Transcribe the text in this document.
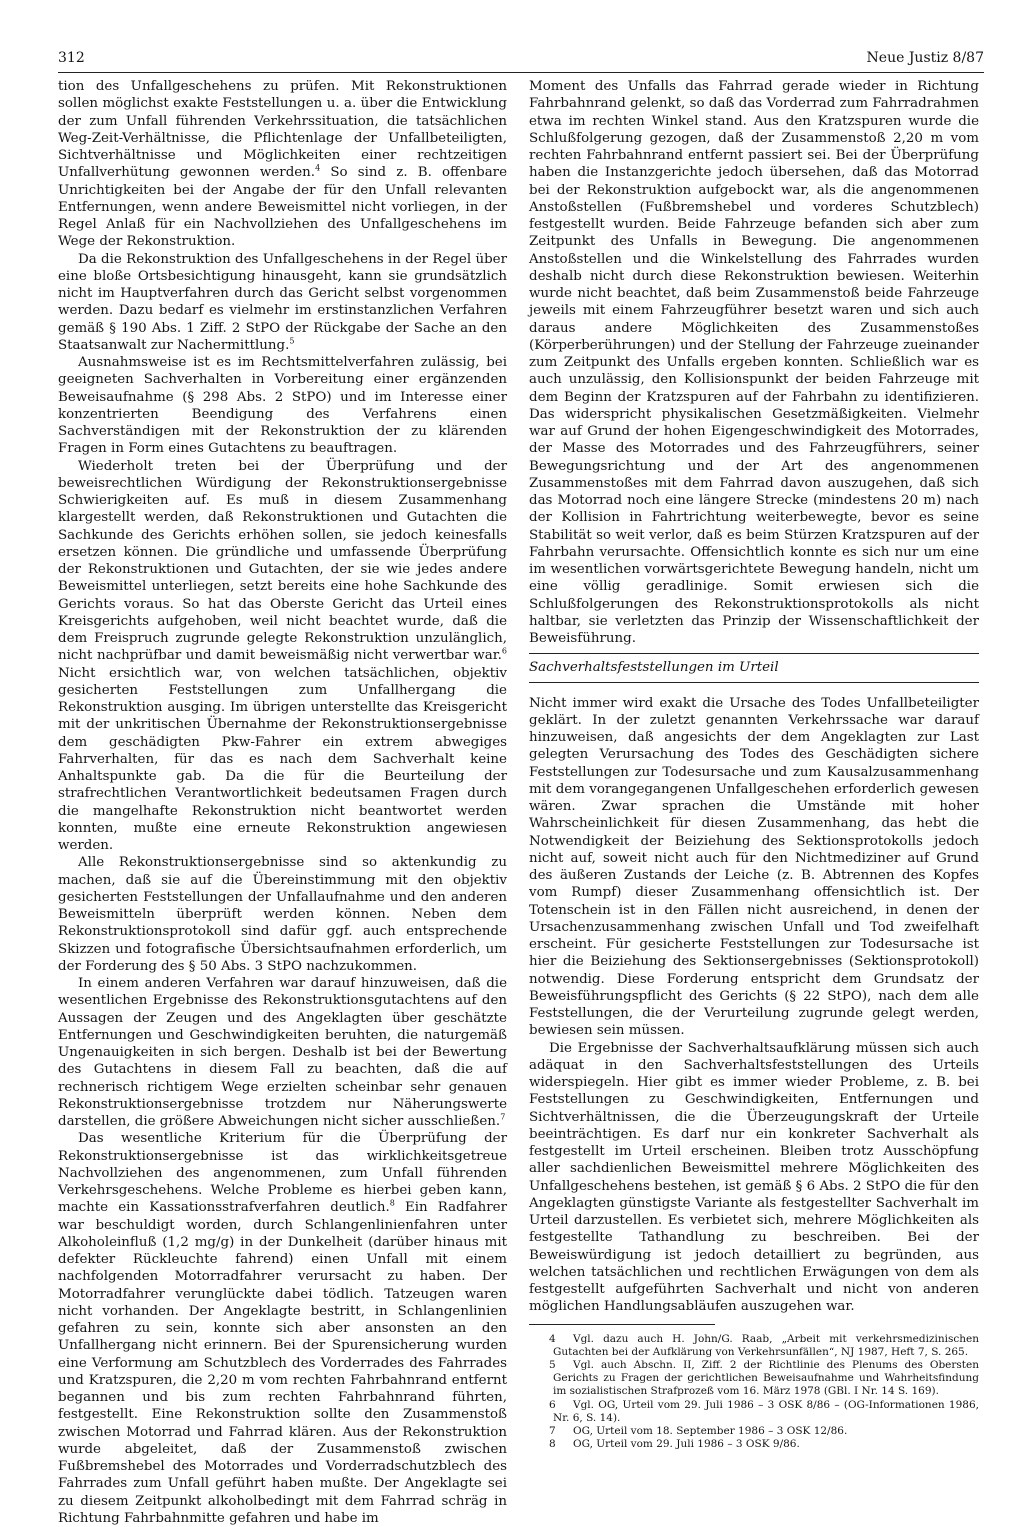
312	Neue Justiz 8/87

tion des Unfallgeschehens zu prüfen. Mit Rekonstruktionen sollen möglichst exakte Feststellungen u. a. über die Entwicklung der zum Unfall führenden Verkehrssituation, die tatsächlichen Weg-Zeit-Verhältnisse, die Pflichtenlage der Unfallbeteiligten, Sichtverhältnisse und Möglichkeiten einer rechtzeitigen Unfallverhütung gewonnen werden.$^4$ So sind z. B. offenbare Unrichtigkeiten bei der Angabe der für den Unfall relevanten Entfernungen, wenn andere Beweismittel nicht vorliegen, in der Regel Anlaß für ein Nachvollziehen des Unfallgeschehens im Wege der Rekonstruktion.

Da die Rekonstruktion des Unfallgeschehens in der Regel über eine bloße Ortsbesichtigung hinausgeht, kann sie grundsätzlich nicht im Hauptverfahren durch das Gericht selbst vorgenommen werden. Dazu bedarf es vielmehr im erstinstanzlichen Verfahren gemäß § 190 Abs. 1 Ziff. 2 StPO der Rückgabe der Sache an den Staatsanwalt zur Nachermittlung.$^5$

Ausnahmsweise ist es im Rechtsmittelverfahren zulässig, bei geeigneten Sachverhalten in Vorbereitung einer ergänzenden Beweisaufnahme (§ 298 Abs. 2 StPO) und im Interesse einer konzentrierten Beendigung des Verfahrens einen Sachverständigen mit der Rekonstruktion der zu klärenden Fragen in Form eines Gutachtens zu beauftragen.

Wiederholt treten bei der Überprüfung und der beweisrechtlichen Würdigung der Rekonstruktionsergebnisse Schwierigkeiten auf. Es muß in diesem Zusammenhang klargestellt werden, daß Rekonstruktionen und Gutachten die Sachkunde des Gerichts erhöhen sollen, sie jedoch keinesfalls ersetzen können. Die gründliche und umfassende Überprüfung der Rekonstruktionen und Gutachten, der sie wie jedes andere Beweismittel unterliegen, setzt bereits eine hohe Sachkunde des Gerichts voraus. So hat das Oberste Gericht das Urteil eines Kreisgerichts aufgehoben, weil nicht beachtet wurde, daß die dem Freispruch zugrunde gelegte Rekonstruktion unzulänglich, nicht nachprüfbar und damit beweismäßig nicht verwertbar war.$^6$ Nicht ersichtlich war, von welchen tatsächlichen, objektiv gesicherten Feststellungen zum Unfallhergang die Rekonstruktion ausging. Im übrigen unterstellte das Kreisgericht mit der unkritischen Übernahme der Rekonstruktionsergebnisse dem geschädigten Pkw-Fahrer ein extrem abwegiges Fahrverhalten, für das es nach dem Sachverhalt keine Anhaltspunkte gab. Da die für die Beurteilung der strafrechtlichen Verantwortlichkeit bedeutsamen Fragen durch die mangelhafte Rekonstruktion nicht beantwortet werden konnten, mußte eine erneute Rekonstruktion angewiesen werden.

Alle Rekonstruktionsergebnisse sind so aktenkundig zu machen, daß sie auf die Übereinstimmung mit den objektiv gesicherten Feststellungen der Unfallaufnahme und den anderen Beweismitteln überprüft werden können. Neben dem Rekonstruktionsprotokoll sind dafür ggf. auch entsprechende Skizzen und fotografische Übersichtsaufnahmen erforderlich, um der Forderung des § 50 Abs. 3 StPO nachzukommen.

In einem anderen Verfahren war darauf hinzuweisen, daß die wesentlichen Ergebnisse des Rekonstruktionsgutachtens auf den Aussagen der Zeugen und des Angeklagten über geschätzte Entfernungen und Geschwindigkeiten beruhten, die naturgemäß Ungenauigkeiten in sich bergen. Deshalb ist bei der Bewertung des Gutachtens in diesem Fall zu beachten, daß die auf rechnerisch richtigem Wege erzielten scheinbar sehr genauen Rekonstruktionsergebnisse trotzdem nur Näherungswerte darstellen, die größere Abweichungen nicht sicher ausschließen.$^7$

Das wesentliche Kriterium für die Überprüfung der Rekonstruktionsergebnisse ist das wirklichkeitsgetreue Nachvollziehen des angenommenen, zum Unfall führenden Verkehrsgeschehens. Welche Probleme es hierbei geben kann, machte ein Kassationsstrafverfahren deutlich.$^8$ Ein Radfahrer war beschuldigt worden, durch Schlangenlinienfahren unter Alkoholeinfluß (1,2 mg/g) in der Dunkelheit (darüber hinaus mit defekter Rückleuchte fahrend) einen Unfall mit einem nachfolgenden Motorradfahrer verursacht zu haben. Der Motorradfahrer verunglückte dabei tödlich. Tatzeugen waren nicht vorhanden. Der Angeklagte bestritt, in Schlangenlinien gefahren zu sein, konnte sich aber ansonsten an den Unfallhergang nicht erinnern. Bei der Spurensicherung wurden eine Verformung am Schutzblech des Vorderrades des Fahrrades und Kratzspuren, die 2,20 m vom rechten Fahrbahnrand entfernt begannen und bis zum rechten Fahrbahnrand führten, festgestellt. Eine Rekonstruktion sollte den Zusammenstoß zwischen Motorrad und Fahrrad klären. Aus der Rekonstruktion wurde abgeleitet, daß der Zusammenstoß zwischen Fußbremshebel des Motorrades und Vorderradschutzblech des Fahrrades zum Unfall geführt haben mußte. Der Angeklagte sei zu diesem Zeitpunkt alkoholbedingt mit dem Fahrrad schräg in Richtung Fahrbahnmitte gefahren und habe im

Moment des Unfalls das Fahrrad gerade wieder in Richtung Fahrbahnrand gelenkt, so daß das Vorderrad zum Fahrradrahmen etwa im rechten Winkel stand. Aus den Kratzspuren wurde die Schlußfolgerung gezogen, daß der Zusammenstoß 2,20 m vom rechten Fahrbahnrand entfernt passiert sei. Bei der Überprüfung haben die Instanzgerichte jedoch übersehen, daß das Motorrad bei der Rekonstruktion aufgebockt war, als die angenommenen Anstoßstellen (Fußbremshebel und vorderes Schutzblech) festgestellt wurden. Beide Fahrzeuge befanden sich aber zum Zeitpunkt des Unfalls in Bewegung. Die angenommenen Anstoßstellen und die Winkelstellung des Fahrrades wurden deshalb nicht durch diese Rekonstruktion bewiesen. Weiterhin wurde nicht beachtet, daß beim Zusammenstoß beide Fahrzeuge jeweils mit einem Fahrzeugführer besetzt waren und sich auch daraus andere Möglichkeiten des Zusammenstoßes (Körperberührungen) und der Stellung der Fahrzeuge zueinander zum Zeitpunkt des Unfalls ergeben konnten. Schließlich war es auch unzulässig, den Kollisionspunkt der beiden Fahrzeuge mit dem Beginn der Kratzspuren auf der Fahrbahn zu identifizieren. Das widerspricht physikalischen Gesetzmäßigkeiten. Vielmehr war auf Grund der hohen Eigengeschwindigkeit des Motorrades, der Masse des Motorrades und des Fahrzeugführers, seiner Bewegungsrichtung und der Art des angenommenen Zusammenstoßes mit dem Fahrrad davon auszugehen, daß sich das Motorrad noch eine längere Strecke (mindestens 20 m) nach der Kollision in Fahrtrichtung weiterbewegte, bevor es seine Stabilität so weit verlor, daß es beim Stürzen Kratzspuren auf der Fahrbahn verursachte. Offensichtlich konnte es sich nur um eine im wesentlichen vorwärtsgerichtete Bewegung handeln, nicht um eine völlig geradlinige. Somit erwiesen sich die Schlußfolgerungen des Rekonstruktionsprotokolls als nicht haltbar, sie verletzten das Prinzip der Wissenschaftlichkeit der Beweisführung.

Sachverhaltsfeststellungen im Urteil

Nicht immer wird exakt die Ursache des Todes Unfallbeteiligter geklärt. In der zuletzt genannten Verkehrssache war darauf hinzuweisen, daß angesichts der dem Angeklagten zur Last gelegten Verursachung des Todes des Geschädigten sichere Feststellungen zur Todesursache und zum Kausalzusammenhang mit dem vorangegangenen Unfallgeschehen erforderlich gewesen wären. Zwar sprachen die Umstände mit hoher Wahrscheinlichkeit für diesen Zusammenhang, das hebt die Notwendigkeit der Beiziehung des Sektionsprotokolls jedoch nicht auf, soweit nicht auch für den Nichtmediziner auf Grund des äußeren Zustands der Leiche (z. B. Abtrennen des Kopfes vom Rumpf) dieser Zusammenhang offensichtlich ist. Der Totenschein ist in den Fällen nicht ausreichend, in denen der Ursachenzusammenhang zwischen Unfall und Tod zweifelhaft erscheint. Für gesicherte Feststellungen zur Todesursache ist hier die Beiziehung des Sektionsergebnisses (Sektionsprotokoll) notwendig. Diese Forderung entspricht dem Grundsatz der Beweisführungspflicht des Gerichts (§ 22 StPO), nach dem alle Feststellungen, die der Verurteilung zugrunde gelegt werden, bewiesen sein müssen.

Die Ergebnisse der Sachverhaltsaufklärung müssen sich auch adäquat in den Sachverhaltsfeststellungen des Urteils widerspiegeln. Hier gibt es immer wieder Probleme, z. B. bei Feststellungen zu Geschwindigkeiten, Entfernungen und Sichtverhältnissen, die die Überzeugungskraft der Urteile beeinträchtigen. Es darf nur ein konkreter Sachverhalt als festgestellt im Urteil erscheinen. Bleiben trotz Ausschöpfung aller sachdienlichen Beweismittel mehrere Möglichkeiten des Unfallgeschehens bestehen, ist gemäß § 6 Abs. 2 StPO die für den Angeklagten günstigste Variante als festgestellter Sachverhalt im Urteil darzustellen. Es verbietet sich, mehrere Möglichkeiten als festgestellte Tathandlung zu beschreiben. Bei der Beweiswürdigung ist jedoch detailliert zu begründen, aus welchen tatsächlichen und rechtlichen Erwägungen von dem als festgestellt aufgeführten Sachverhalt und nicht von anderen möglichen Handlungsabläufen auszugehen war.

4	Vgl. dazu auch H. John/G. Raab, „Arbeit mit verkehrsmedizinischen Gutachten bei der Aufklärung von Verkehrsunfällen“, NJ 1987, Heft 7, S. 265.

5	Vgl. auch Abschn. II, Ziff. 2 der Richtlinie des Plenums des Obersten Gerichts zu Fragen der gerichtlichen Beweisaufnahme und Wahrheitsfindung im sozialistischen Strafprozeß vom 16. März 1978 (GBl. I Nr. 14 S. 169).

6	Vgl. OG, Urteil vom 29. Juli 1986 – 3 OSK 8/86 – (OG-Informationen 1986, Nr. 6, S. 14).

7	OG, Urteil vom 18. September 1986 – 3 OSK 12/86.

8	OG, Urteil vom 29. Juli 1986 – 3 OSK 9/86.
